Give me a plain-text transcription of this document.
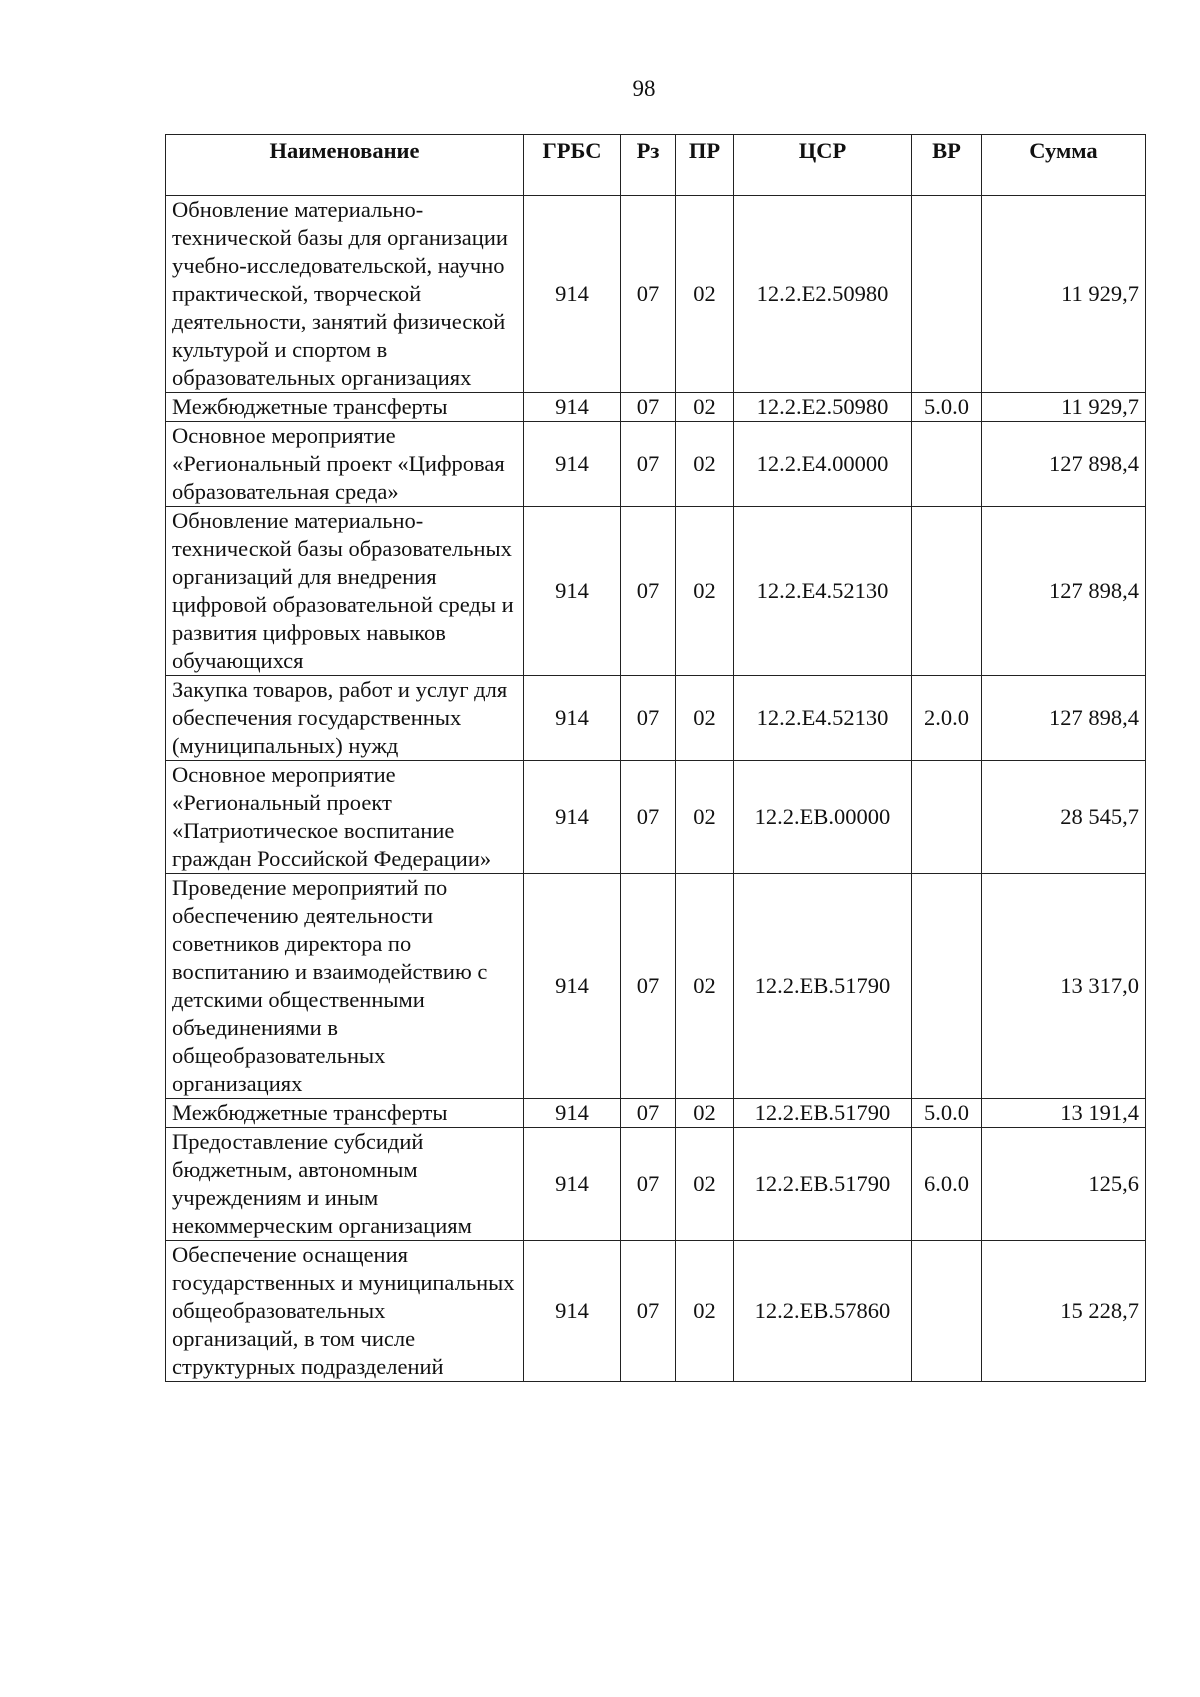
98
Наименование	ГРБС	Рз	ПР	ЦСР	ВР	Сумма
Обновление материально-технической базы для организации учебно-исследовательской, научно практической, творческой деятельности, занятий физической культурой и спортом в образовательных организациях	914	07	02	12.2.E2.50980		11 929,7
Межбюджетные трансферты	914	07	02	12.2.E2.50980	5.0.0	11 929,7
Основное мероприятие «Региональный проект «Цифровая образовательная среда»	914	07	02	12.2.E4.00000		127 898,4
Обновление материально-технической базы образовательных организаций для внедрения цифровой образовательной среды и развития цифровых навыков обучающихся	914	07	02	12.2.E4.52130		127 898,4
Закупка товаров, работ и услуг для обеспечения государственных (муниципальных) нужд	914	07	02	12.2.E4.52130	2.0.0	127 898,4
Основное мероприятие «Региональный проект «Патриотическое воспитание граждан Российской Федерации»	914	07	02	12.2.EB.00000		28 545,7
Проведение мероприятий по обеспечению деятельности советников директора по воспитанию и взаимодействию с детскими общественными объединениями в общеобразовательных организациях	914	07	02	12.2.EB.51790		13 317,0
Межбюджетные трансферты	914	07	02	12.2.EB.51790	5.0.0	13 191,4
Предоставление субсидий бюджетным, автономным учреждениям и иным некоммерческим организациям	914	07	02	12.2.EB.51790	6.0.0	125,6
Обеспечение оснащения государственных и муниципальных общеобразовательных организаций, в том числе структурных подразделений	914	07	02	12.2.EB.57860		15 228,7
